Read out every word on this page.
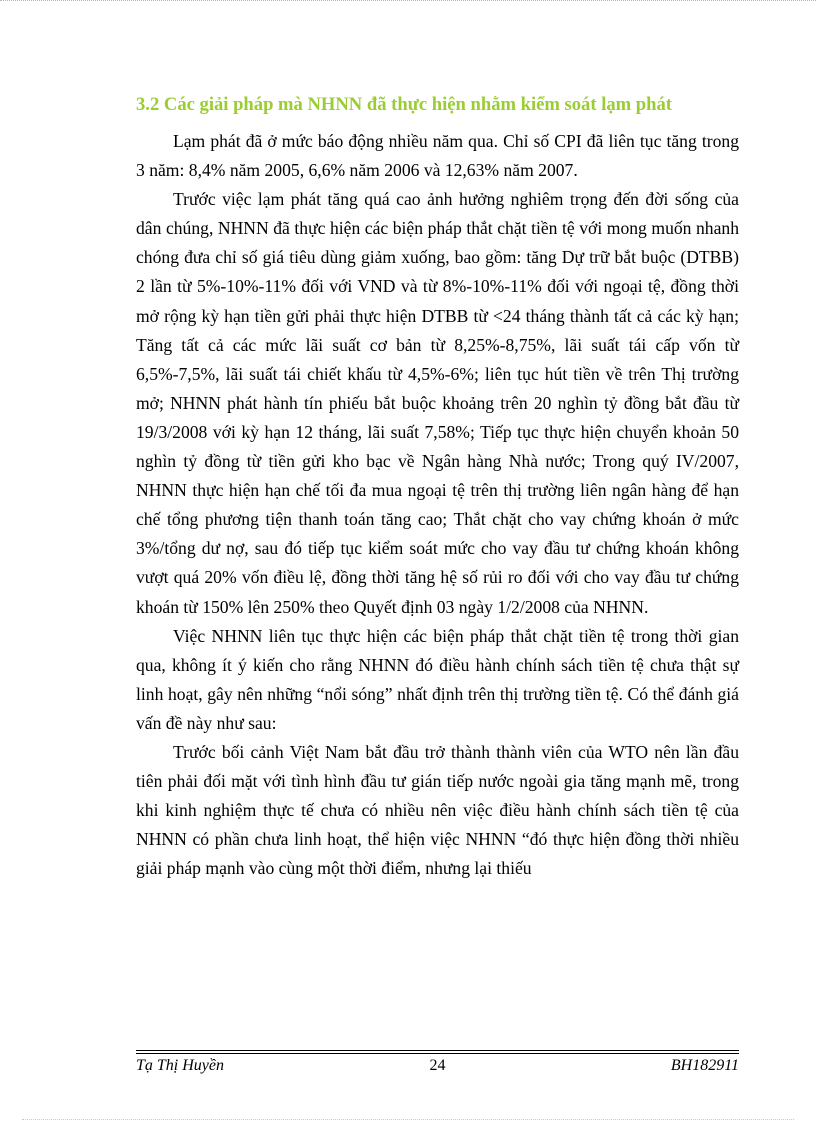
3.2 Các giải pháp mà NHNN đã thực hiện nhằm kiểm soát lạm phát

Lạm phát đã ở mức báo động nhiều năm qua. Chỉ số CPI đã liên tục tăng trong 3 năm: 8,4% năm 2005, 6,6% năm 2006 và 12,63% năm 2007.

Trước việc lạm phát tăng quá cao ảnh hưởng nghiêm trọng đến đời sống của dân chúng, NHNN đã thực hiện các biện pháp thắt chặt tiền tệ với mong muốn nhanh chóng đưa chỉ số giá tiêu dùng giảm xuống, bao gồm: tăng Dự trữ bắt buộc (DTBB) 2 lần từ 5%-10%-11% đối với VND và từ 8%-10%-11% đối với ngoại tệ, đồng thời mở rộng kỳ hạn tiền gửi phải thực hiện DTBB từ <24 tháng thành tất cả các kỳ hạn; Tăng tất cả các mức lãi suất cơ bản từ 8,25%-8,75%, lãi suất tái cấp vốn từ 6,5%-7,5%, lãi suất tái chiết khấu từ 4,5%-6%; liên tục hút tiền về trên Thị trường mở; NHNN phát hành tín phiếu bắt buộc khoảng trên 20 nghìn tỷ đồng bắt đầu từ 19/3/2008 với kỳ hạn 12 tháng, lãi suất 7,58%; Tiếp tục thực hiện chuyển khoản 50 nghìn tỷ đồng từ tiền gửi kho bạc về Ngân hàng Nhà nước; Trong quý IV/2007, NHNN thực hiện hạn chế tối đa mua ngoại tệ trên thị trường liên ngân hàng để hạn chế tổng phương tiện thanh toán tăng cao; Thắt chặt cho vay chứng khoán ở mức 3%/tổng dư nợ, sau đó tiếp tục kiểm soát mức cho vay đầu tư chứng khoán không vượt quá 20% vốn điều lệ, đồng thời tăng hệ số rủi ro đối với cho vay đầu tư chứng khoán từ 150% lên 250% theo Quyết định 03 ngày 1/2/2008 của NHNN.

Việc NHNN liên tục thực hiện các biện pháp thắt chặt tiền tệ trong thời gian qua, không ít ý kiến cho rằng NHNN đó điều hành chính sách tiền tệ chưa thật sự linh hoạt, gây nên những “nổi sóng” nhất định trên thị trường tiền tệ. Có thể đánh giá vấn đề này như sau:

Trước bối cảnh Việt Nam bắt đầu trở thành thành viên của WTO nên lần đầu tiên phải đối mặt với tình hình đầu tư gián tiếp nước ngoài gia tăng mạnh mẽ, trong khi kinh nghiệm thực tế chưa có nhiều nên việc điều hành chính sách tiền tệ của NHNN có phần chưa linh hoạt, thể hiện việc NHNN “đó thực hiện đồng thời nhiều giải pháp mạnh vào cùng một thời điểm, nhưng lại thiếu

Tạ Thị Huyền	24	BH182911
